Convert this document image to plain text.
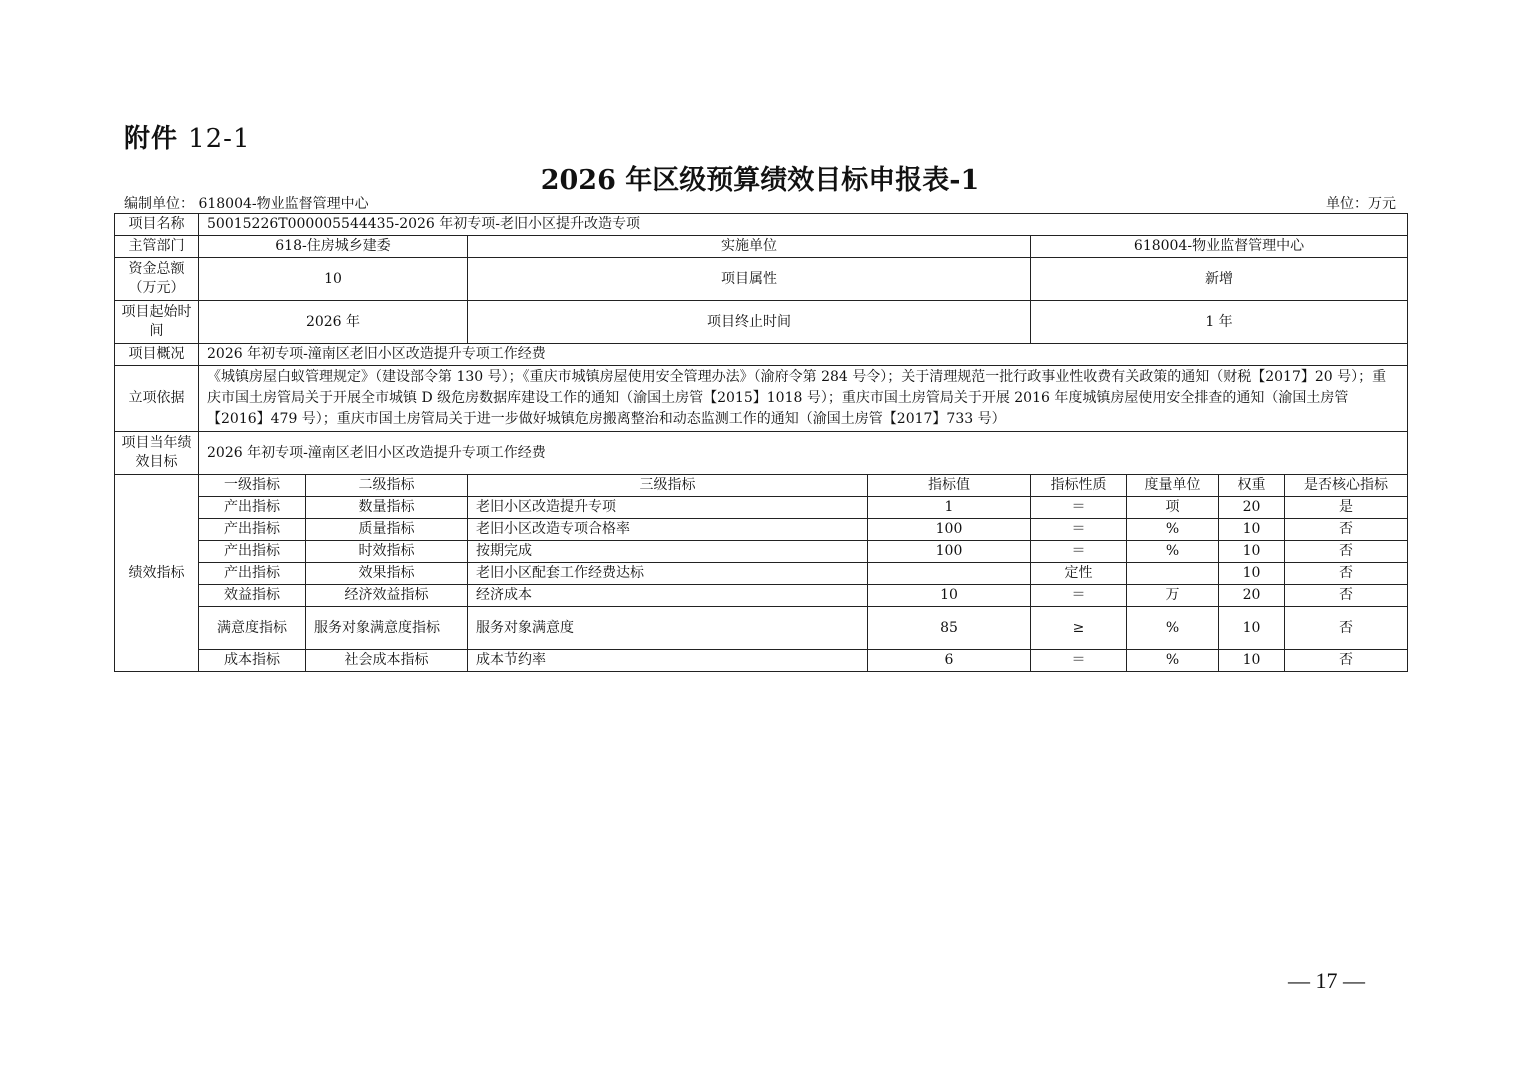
附件 12-1
2026 年区级预算绩效目标申报表-1
编制单位： 618004-物业监督管理中心	单位：万元
项目名称	50015226T000005544435-2026 年初专项-老旧小区提升改造专项							
主管部门	618-住房城乡建委		实施单位		618004-物业监督管理中心			
资金总额（万元）	10		项目属性		新增			
项目起始时间	2026 年		项目终止时间		1 年			
项目概况	2026 年初专项-潼南区老旧小区改造提升专项工作经费							
立项依据	《城镇房屋白蚁管理规定》（建设部令第 130 号）；《重庆市城镇房屋使用安全管理办法》（渝府令第 284 号令）；关于清理规范一批行政事业性收费有关政策的通知（财税【2017】20 号）；重庆市国土房管局关于开展全市城镇 D 级危房数据库建设工作的通知（渝国土房管【2015】1018 号）；重庆市国土房管局关于开展 2016 年度城镇房屋使用安全排查的通知（渝国土房管【2016】479 号）；重庆市国土房管局关于进一步做好城镇危房搬离整治和动态监测工作的通知（渝国土房管【2017】733 号）							
项目当年绩效目标	2026 年初专项-潼南区老旧小区改造提升专项工作经费							
绩效指标	一级指标	二级指标	三级指标	指标值	指标性质	度量单位	权重	是否核心指标
	产出指标	数量指标	老旧小区改造提升专项	1	＝	项	20	是
	产出指标	质量指标	老旧小区改造专项合格率	100	＝	%	10	否
	产出指标	时效指标	按期完成	100	＝	%	10	否
	产出指标	效果指标	老旧小区配套工作经费达标		定性		10	否
	效益指标	经济效益指标	经济成本	10	＝	万	20	否
	满意度指标	服务对象满意度指标	服务对象满意度	85	≥	%	10	否
	成本指标	社会成本指标	成本节约率	6	＝	%	10	否
— 17 —
